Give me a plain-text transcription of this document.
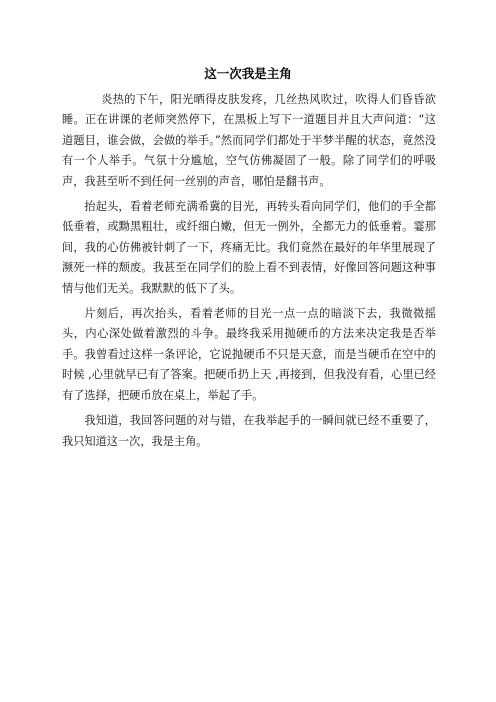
这一次我是主角

炎热的下午，阳光晒得皮肤发疼，几丝热风吹过，吹得人们昏昏欲睡。正在讲课的老师突然停下，在黑板上写下一道题目并且大声问道：“这道题目，谁会做，会做的举手。”然而同学们都处于半梦半醒的状态，竟然没有一个人举手。气氛十分尴尬，空气仿佛凝固了一般。除了同学们的呼吸声，我甚至听不到任何一丝别的声音，哪怕是翻书声。

抬起头，看着老师充满希冀的目光，再转头看向同学们，他们的手全都低垂着，或黝黑粗壮，或纤细白嫩，但无一例外，全都无力的低垂着。霎那间，我的心仿佛被针刺了一下，疼痛无比。我们竟然在最好的年华里展现了濒死一样的颓废。我甚至在同学们的脸上看不到表情，好像回答问题这种事情与他们无关。我默默的低下了头。

片刻后，再次抬头，看着老师的目光一点一点的暗淡下去，我微微摇头，内心深处做着激烈的斗争。最终我采用抛硬币的方法来决定我是否举手。我曾看过这样一条评论，它说抛硬币不只是天意，而是当硬币在空中的时候 ,心里就早已有了答案。把硬币扔上天 ,再接到，但我没有看，心里已经有了选择，把硬币放在桌上，举起了手。

我知道，我回答问题的对与错，在我举起手的一瞬间就已经不重要了，我只知道这一次，我是主角。
